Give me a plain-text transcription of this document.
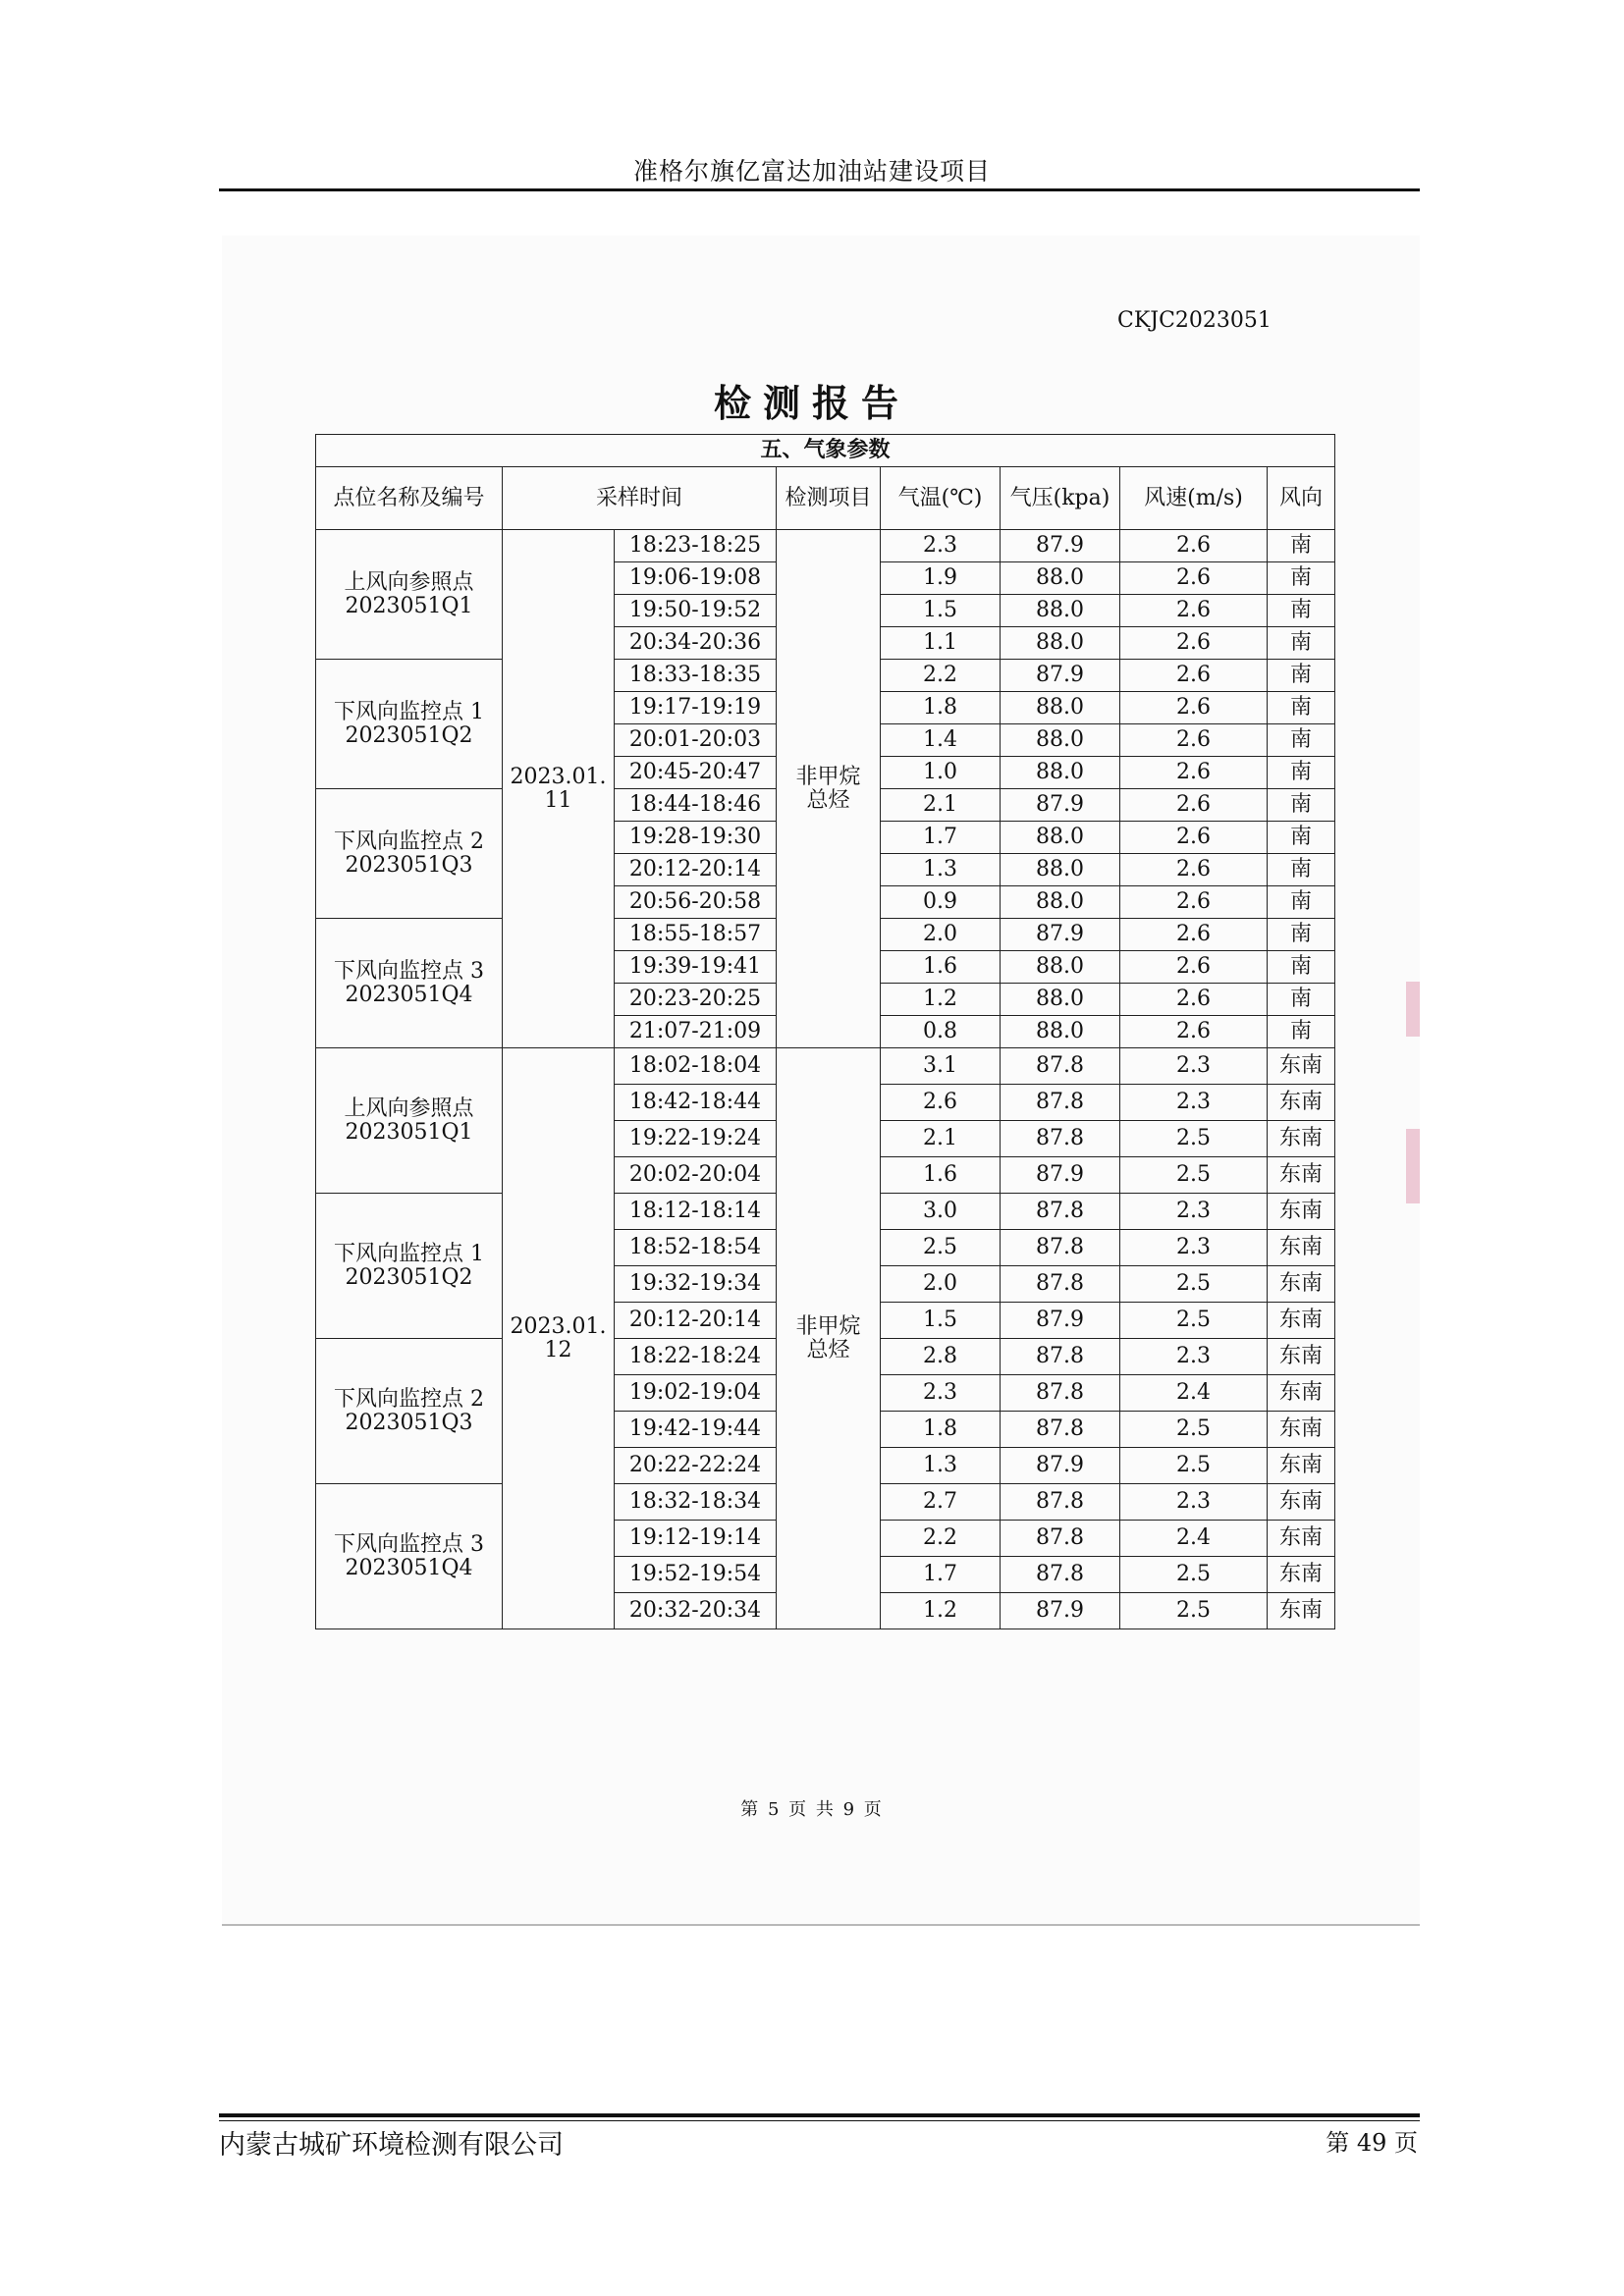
准格尔旗亿富达加油站建设项目
CKJC2023051
检测报告
五、气象参数							
点位名称及编号	采样时间		检测项目	气温(℃)	气压(kpa)	风速(m/s)	风向

上风向参照点
2023051Q1	2023.01.11	18:23-18:25	非甲烷总烃	2.3	87.9	2.6	南
		19:06-19:08		1.9	88.0	2.6	南
		19:50-19:52		1.5	88.0	2.6	南
		20:34-20:36		1.1	88.0	2.6	南

下风向监控点 1
2023051Q2		18:33-18:35		2.2	87.9	2.6	南
		19:17-19:19		1.8	88.0	2.6	南
		20:01-20:03		1.4	88.0	2.6	南
		20:45-20:47		1.0	88.0	2.6	南

下风向监控点 2
2023051Q3		18:44-18:46		2.1	87.9	2.6	南
		19:28-19:30		1.7	88.0	2.6	南
		20:12-20:14		1.3	88.0	2.6	南
		20:56-20:58		0.9	88.0	2.6	南

下风向监控点 3
2023051Q4		18:55-18:57		2.0	87.9	2.6	南
		19:39-19:41		1.6	88.0	2.6	南
		20:23-20:25		1.2	88.0	2.6	南
		21:07-21:09		0.8	88.0	2.6	南

上风向参照点
2023051Q1	2023.01.12	18:02-18:04	非甲烷总烃	3.1	87.8	2.3	东南
		18:42-18:44		2.6	87.8	2.3	东南
		19:22-19:24		2.1	87.8	2.5	东南
		20:02-20:04		1.6	87.9	2.5	东南

下风向监控点 1
2023051Q2		18:12-18:14		3.0	87.8	2.3	东南
		18:52-18:54		2.5	87.8	2.3	东南
		19:32-19:34		2.0	87.8	2.5	东南
		20:12-20:14		1.5	87.9	2.5	东南

下风向监控点 2
2023051Q3		18:22-18:24		2.8	87.8	2.3	东南
		19:02-19:04		2.3	87.8	2.4	东南
		19:42-19:44		1.8	87.8	2.5	东南
		20:22-22:24		1.3	87.9	2.5	东南

下风向监控点 3
2023051Q4		18:32-18:34		2.7	87.8	2.3	东南
		19:12-19:14		2.2	87.8	2.4	东南
		19:52-19:54		1.7	87.8	2.5	东南
		20:32-20:34		1.2	87.9	2.5	东南
第 5 页 共 9 页
内蒙古城矿环境检测有限公司	第 49 页
